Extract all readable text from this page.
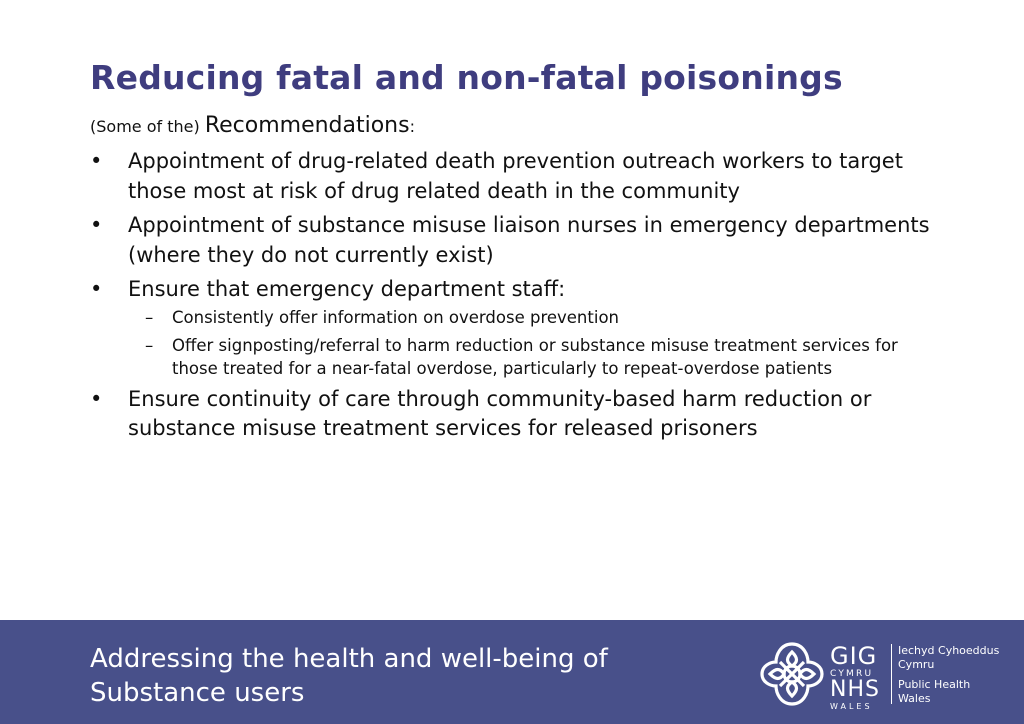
Reducing fatal and non-fatal poisonings
(Some of the) Recommendations:
•	Appointment of drug-related death prevention outreach workers to target those most at risk of drug related death in the community
•	Appointment of substance misuse liaison nurses in emergency departments (where they do not currently exist)
•	Ensure that emergency department staff:
– Consistently offer information on overdose prevention
– Offer signposting/referral to harm reduction or substance misuse treatment services for those treated for a near-fatal overdose, particularly to repeat-overdose patients
•	Ensure continuity of care through community-based harm reduction or substance misuse treatment services for released prisoners
Addressing the health and well-being of
Substance users
GIG
CYMRU
NHS
WALES
Iechyd Cyhoeddus
Cymru
Public Health
Wales
